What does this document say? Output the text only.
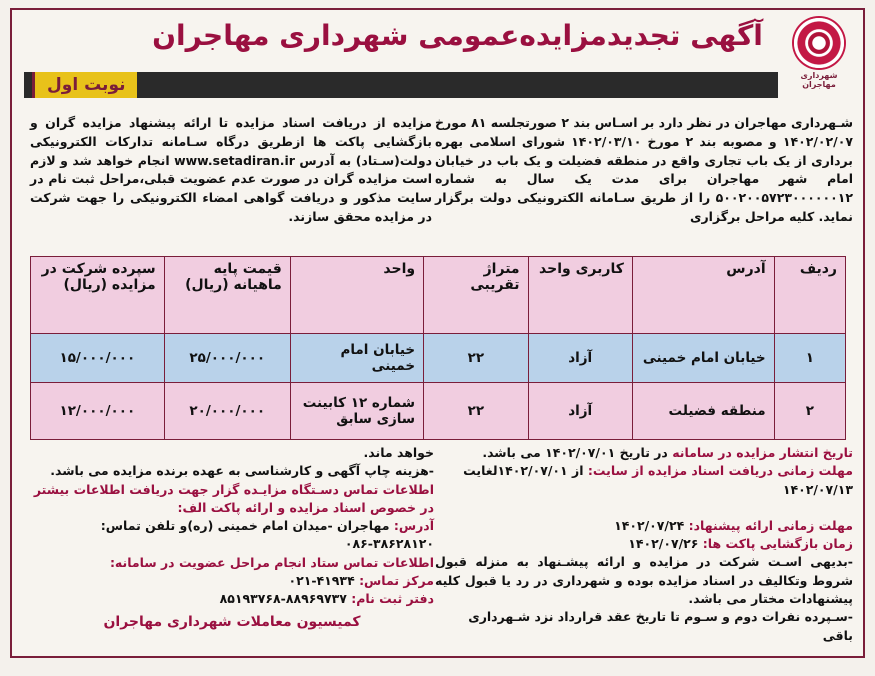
شهرداری مهاجران
آگهی تجدیدمزایده‌عمومی شهرداری مهاجران
نوبت اول

شـهرداری مهاجران در نظر دارد بر اسـاس بند ۲ صورتجلسه ۸۱ مورخ ۱۴۰۲/۰۲/۰۷ و مصوبه بند ۲ مورخ ۱۴۰۲/۰۳/۱۰ شورای اسلامی بهره برداری از یک باب تجاری واقع در منطقه فضیلت و یک باب در خیابان امام شهر مهاجران برای مدت یک سال به شماره ۵۰۰۲۰۰۵۷۲۳۰۰۰۰۰۰۱۲ را از طریق سـامانه الکترونیکی دولت برگزار نماید. کلیه مراحل برگزاری

مزایده از دریافت اسناد مزایده تا ارائه پیشنهاد مزایده گران و بازگشایی پاکت ها ازطریق درگاه سـامانه تدارکات الکترونیکی دولت(سـتاد) به آدرس www.setadiran.ir انجام خواهد شد و لازم است مزایده گران در صورت عدم عضویت قبلی،مراحل ثبت نام در سایت مذکور و دریافت گواهی امضاء الکترونیکی را جهت شرکت در مزایده محقق سازند.

ردیف	آدرس	کاربری واحد	متراژ تقریبی	واحد	قیمت پایه ماهیانه (ریال)	سپرده شرکت در مزایده (ریال)
۱	خیابان امام خمینی	آزاد	۲۲	خیابان امام خمینی	۲۵/۰۰۰/۰۰۰	۱۵/۰۰۰/۰۰۰
۲	منطقه فضیلت	آزاد	۲۲	شماره ۱۲ کابینت سازی سابق	۲۰/۰۰۰/۰۰۰	۱۲/۰۰۰/۰۰۰

تاریخ انتشار مزایده در سامانه در تاریخ ۱۴۰۲/۰۷/۰۱ می باشد.

مهلت زمانی دریافت اسناد مزایده از سایت: از ۱۴۰۲/۰۷/۰۱لغایت ۱۴۰۲/۰۷/۱۳

مهلت زمانی ارائه پیشنهاد: ۱۴۰۲/۰۷/۲۴

زمان بازگشایی پاکت ها: ۱۴۰۲/۰۷/۲۶

-بدیهی اسـت شرکت در مزایده و ارائه پیشـنهاد به منزله قبول شروط وتکالیف در اسناد مزایده بوده و شهرداری در رد یا قبول کلیه پیشنهادات مختار می باشد.

-سـپرده نفرات دوم و سـوم تا تاریخ عقد قرارداد نزد شـهرداری باقی

خواهد ماند.

-هزینه چاپ آگهی و کارشناسی به عهده برنده مزایده می باشد.

اطلاعات تماس دسـتگاه مزایـده گزار جهت دریافت اطلاعات بیشتر در خصوص اسناد مزایده و ارائه پاکت الف:

آدرس: مهاجران -میدان امام خمینی (ره)و تلفن تماس: ۰۸۶-۳۸۶۲۸۱۲۰

اطلاعات تماس ستاد انجام مراحل عضویت در سامانه:

مرکز تماس: ۰۲۱-۴۱۹۳۴

دفتر ثبت نام: ۸۵۱۹۳۷۶۸-۸۸۹۶۹۷۳۷

کمیسیون معاملات شهرداری مهاجران
